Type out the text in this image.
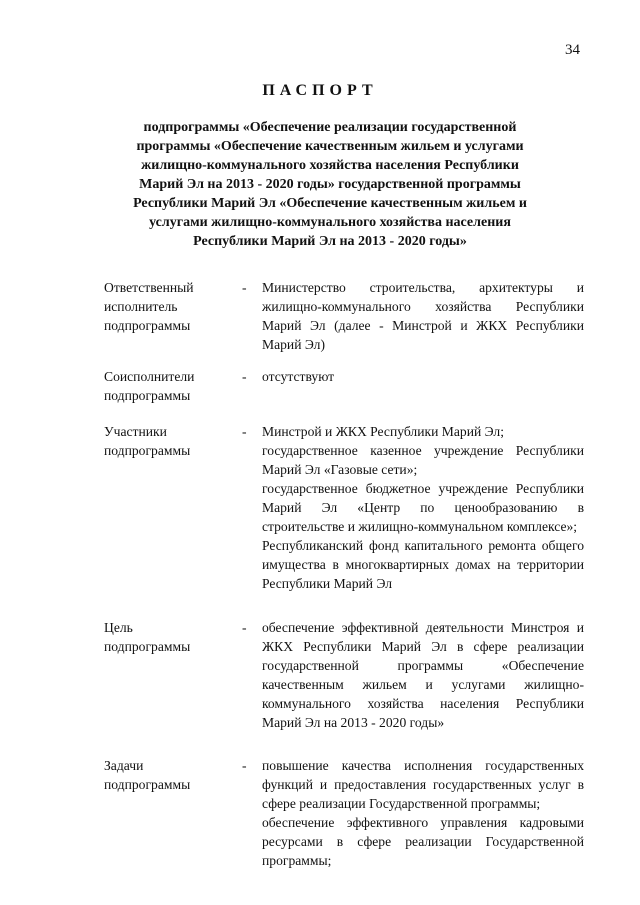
34
ПАСПОРТ
подпрограммы «Обеспечение реализации государственной
программы «Обеспечение качественным жильем и услугами
жилищно-коммунального хозяйства населения Республики
Марий Эл на 2013 - 2020 годы» государственной программы
Республики Марий Эл «Обеспечение качественным жильем и
услугами жилищно-коммунального хозяйства населения
Республики Марий Эл на 2013 - 2020 годы»
Ответственный
исполнитель
подпрограммы
-	Министерство строительства, архитектуры и жилищно-коммунального хозяйства Республики Марий Эл (далее - Минстрой и ЖКХ Республики Марий Эл)
Соисполнители
подпрограммы
-	отсутствуют
Участники
подпрограммы
-	Минстрой и ЖКХ Республики Марий Эл;
государственное казенное учреждение Республики Марий Эл «Газовые сети»;
государственное бюджетное учреждение Республики Марий Эл «Центр по ценообразованию в строительстве и жилищно-коммунальном комплексе»;
Республиканский фонд капитального ремонта общего имущества в многоквартирных домах на территории Республики Марий Эл
Цель
подпрограммы
-	обеспечение эффективной деятельности Минстроя и ЖКХ Республики Марий Эл в сфере реализации государственной программы «Обеспечение качественным жильем и услугами жилищно-коммунального хозяйства населения Республики Марий Эл на 2013 - 2020 годы»
Задачи
подпрограммы
-	повышение качества исполнения государственных функций и предоставления государственных услуг в сфере реализации Государственной программы;
обеспечение эффективного управления кадровыми ресурсами в сфере реализации Государственной программы;
